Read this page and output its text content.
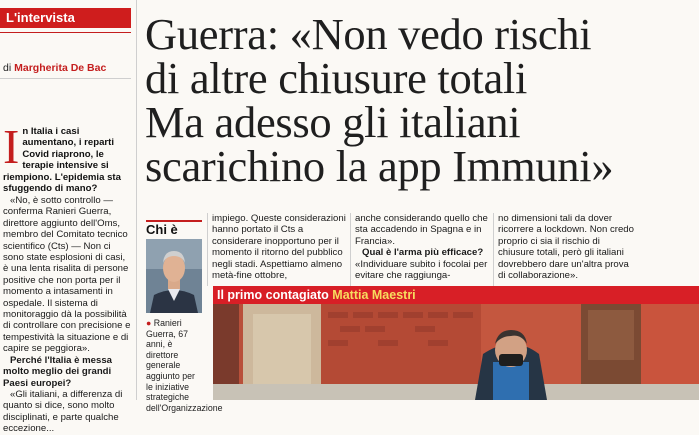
L'intervista
di Margherita De Bac
In Italia i casi aumentano, i reparti Covid riaprono, le terapie intensive si riempiono. L'epidemia sta sfuggendo di mano?

«No, è sotto controllo — conferma Ranieri Guerra, direttore aggiunto dell'Oms, membro del Comitato tecnico scientifico (Cts) — Non ci sono state esplosioni di casi, è una lenta risalita di persone positive che non porta per il momento a intasamenti in ospedale. Il sistema di monitoraggio dà la possibilità di controllare con precisione e tempestività la situazione e di capire se peggiora».

Perché l'Italia è messa molto meglio dei grandi Paesi europei?

«Gli italiani, a differenza di quanto si dice, sono molto disciplinati, e parte qualche eccezione...

Guerra: «Non vedo rischi
di altre chiusure totali
Ma adesso gli italiani
scarichino la app Immuni»
Chi è
● Ranieri Guerra, 67 anni, è direttore generale aggiunto per le iniziative strategiche dell'Organizzazione

impiego. Queste considerazioni hanno portato il Cts a considerare inopportuno per il momento il ritorno del pubblico negli stadi. Aspettiamo almeno metà-fine ottobre,

anche considerando quello che sta accadendo in Spagna e in Francia».

Qual è l'arma più efficace?

«Individuare subito i focolai per evitare che raggiunga-

no dimensioni tali da dover ricorrere a lockdown. Non credo proprio ci sia il rischio di chiusure totali, però gli italiani dovrebbero dare un'altra prova di collaborazione».

Il primo contagiato Mattia Maestri
